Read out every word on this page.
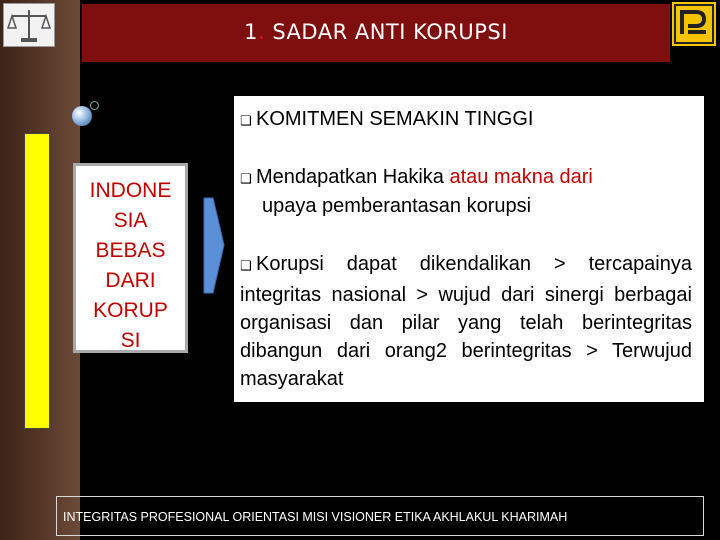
1. SADAR ANTI KORUPSI
INDONE
SIA
BEBAS
DARI
KORUP
SI
❑ KOMITMEN SEMAKIN TINGGI
❑ Mendapatkan Hakika atau makna dari
upaya pemberantasan korupsi
❑ Korupsi dapat dikendalikan > tercapainya integritas nasional > wujud dari sinergi berbagai organisasi dan pilar yang telah berintegritas dibangun dari orang2 berintegritas > Terwujud masyarakat
INTEGRITAS PROFESIONAL ORIENTASI MISI VISIONER ETIKA AKHLAKUL KHARIMAH
